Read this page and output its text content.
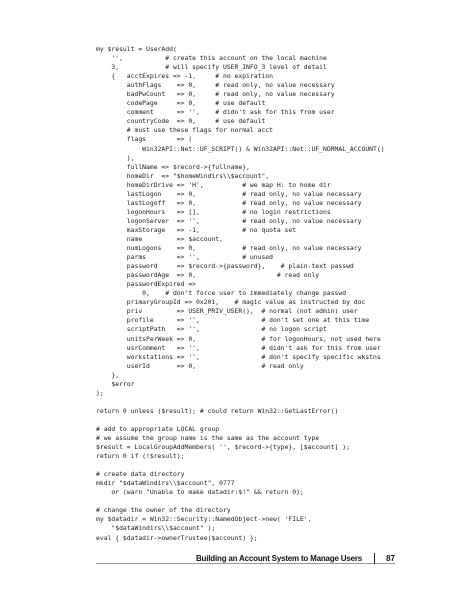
my $result = UserAdd(
'',           # create this account on the local machine
3,            # will specify USER_INFO_3 level of detail
{   acctExpires => -1,     # no expiration
authFlags    => 0,     # read only, no value necessary
badPwCount   => 0,     # read only, no value necessary
codePage     => 0,     # use default
comment      => '',    # didn't ask for this from user
countryCode  => 0,     # use default
# must use these flags for normal acct
flags        => (
Win32API::Net::UF_SCRIPT() & Win32API::Net::UF_NORMAL_ACCOUNT()
),
fullName => $record->{fullname},
homeDir  => "$homeWindirs\\$account",
homeDirDrive => 'H',          # we map H: to home dir
lastLogon    => 0,            # read only, no value necessary
lastLogoff   => 0,            # read only, no value necessary
logonHours   => [],           # no login restrictions
logonServer  => '',           # read only, no value necessary
maxStorage   => -1,           # no quota set
name         => $account,
numLogons    => 0,            # read only, no value necessary
parms        => '',           # unused
password     => $record->{password},    # plain-text passwd
passwordAge  => 0,                     # read only
passwordExpired =>
0,    # don't force user to immediately change passwd
primaryGroupId => 0x201,    # magic value as instructed by doc
priv         => USER_PRIV_USER(),  # normal (not admin) user
profile      => '',                # don't set one at this time
scriptPath   => '',                # no logon script
unitsPerWeek => 0,                 # for logonHours, not used here
usrComment   => '',                # didn't ask for this from user
workstations => '',                # don't specify specific wkstns
userId       => 0,                 # read only
},
$error
);
return 0 unless ($result); # could return Win32::GetLastError()
# add to appropriate LOCAL group
# we assume the group name is the same as the account type
$result = LocalGroupAddMembers( '', $record->{type}, [$account] );
return 0 if (!$result);
# create data directory
mkdir "$dataWindirs\\$account", 0777
or (warn "Unable to make datadir:$!" && return 0);
# change the owner of the directory
my $datadir = Win32::Security::NamedObject->new( 'FILE',
"$dataWindirs\\$account" );
eval { $datadir->ownerTrustee($account) };
Building an Account System to Manage Users	87
